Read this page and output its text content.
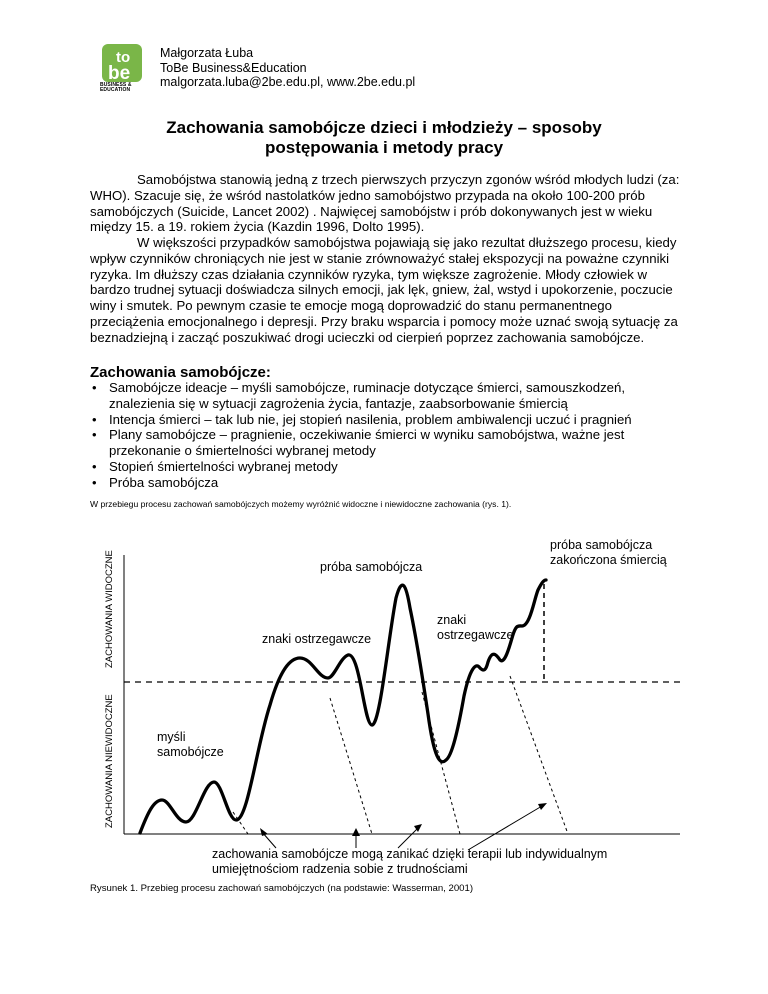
to
be
BUSINESS &
EDUCATION
Małgorzata Łuba
ToBe Business&Education
malgorzata.luba@2be.edu.pl, www.2be.edu.pl
Zachowania samobójcze dzieci i młodzieży – sposoby
postępowania i metody pracy
Samobójstwa stanowią jedną z trzech pierwszych przyczyn zgonów wśród młodych ludzi (za: WHO). Szacuje się, że wśród nastolatków jedno samobójstwo przypada na około 100-200 prób samobójczych (Suicide, Lancet 2002) . Najwięcej samobójstw i prób dokonywanych jest w wieku między 15. a 19. rokiem życia (Kazdin 1996, Dolto 1995).
W większości przypadków samobójstwa pojawiają się jako rezultat dłuższego procesu, kiedy wpływ czynników chroniących nie jest w stanie zrównoważyć stałej ekspozycji na poważne czynniki ryzyka. Im dłuższy czas działania czynników ryzyka, tym większe zagrożenie. Młody człowiek w bardzo trudnej sytuacji doświadcza silnych emocji, jak lęk, gniew, żal, wstyd i upokorzenie, poczucie winy i smutek. Po pewnym czasie te emocje mogą doprowadzić do stanu permanentnego przeciążenia emocjonalnego i depresji. Przy braku wsparcia i pomocy może uznać swoją sytuację za beznadziejną i zacząć poszukiwać drogi ucieczki od cierpień poprzez zachowania samobójcze.
Zachowania samobójcze:
• Samobójcze ideacje – myśli samobójcze, ruminacje dotyczące śmierci, samouszkodzeń, znalezienia się w sytuacji zagrożenia życia, fantazje, zaabsorbowanie śmiercią
• Intencja śmierci – tak lub nie, jej stopień nasilenia, problem ambiwalencji uczuć i pragnień
• Plany samobójcze – pragnienie, oczekiwanie śmierci w wyniku samobójstwa, ważne jest przekonanie o śmiertelności wybranej metody
• Stopień śmiertelności wybranej metody
• Próba samobójcza
W przebiegu procesu zachowań samobójczych możemy wyróżnić widoczne i niewidoczne zachowania (rys. 1).
ZACHOWANIA WIDOCZNE
ZACHOWANIA NIEWIDOCZNE	myśli
samobójcze
znaki ostrzegawcze
próba samobójcza
znaki
ostrzegawcze
próba samobójcza
zakończona śmiercią
zachowania samobójcze mogą zanikać dzięki terapii lub indywidualnym
umiejętnościom radzenia sobie z trudnościami
Rysunek 1. Przebieg procesu zachowań samobójczych (na podstawie: Wasserman, 2001)
